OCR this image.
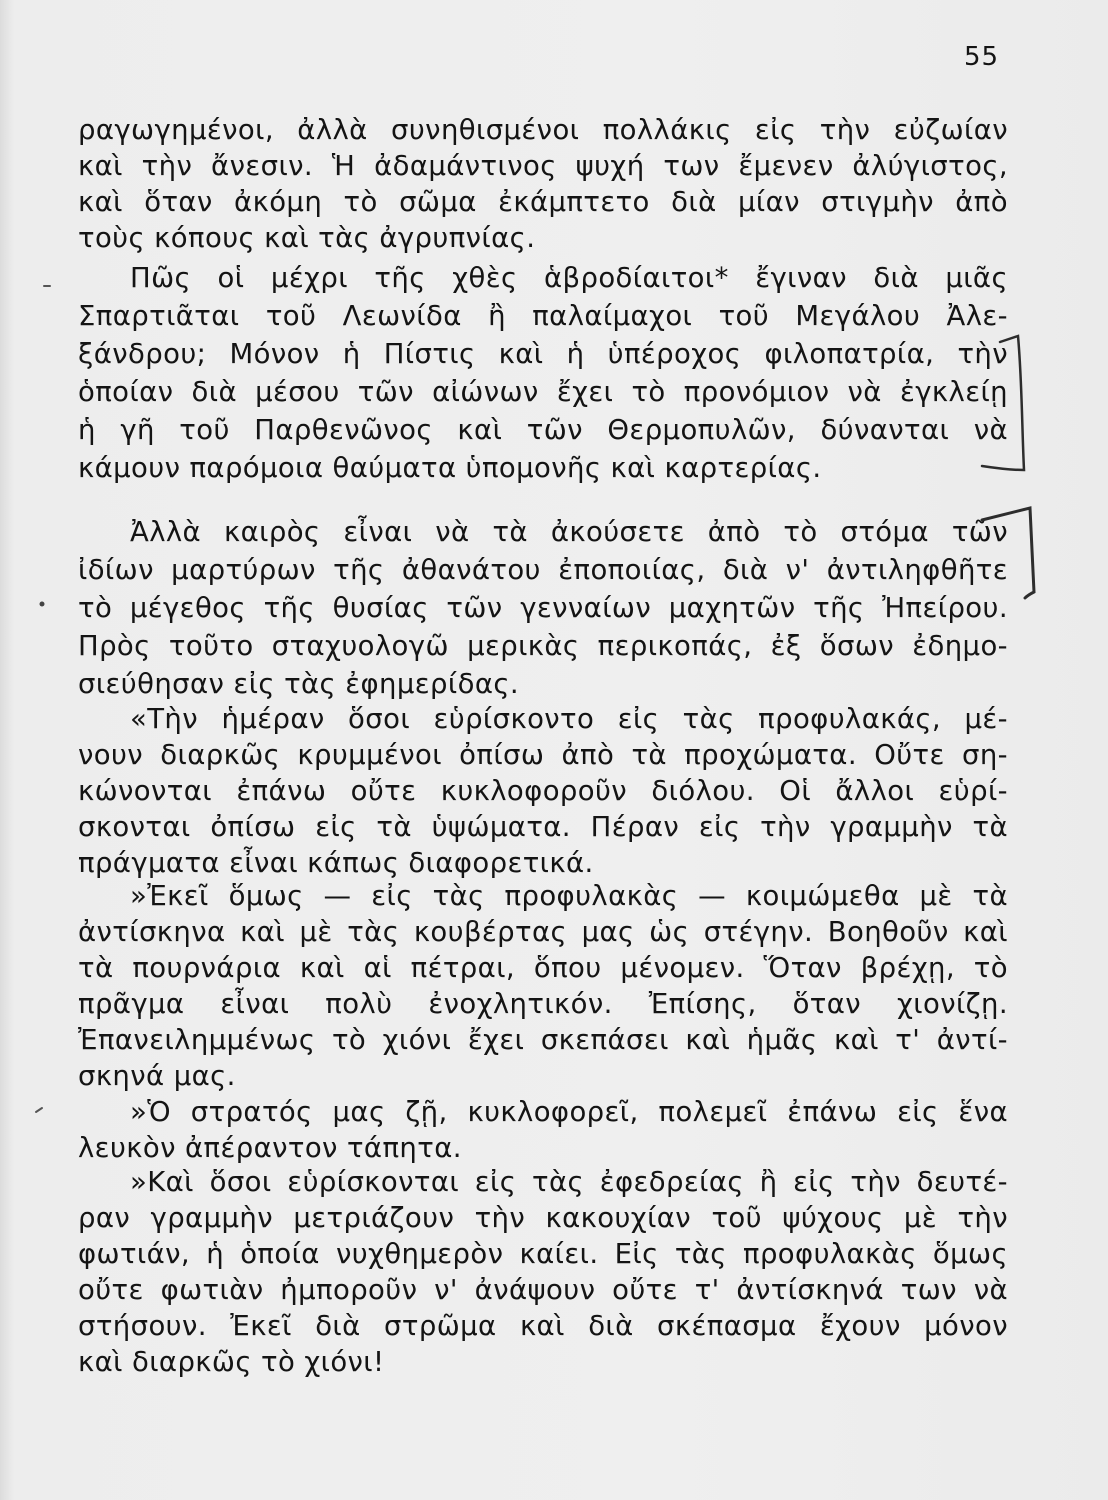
55
ραγωγημένοι, ἀλλὰ συνηθισμένοι πολλάκις εἰς τὴν εὐζωίαν
καὶ τὴν ἄνεσιν. Ἡ ἀδαμάντινος ψυχή των ἔμενεν ἀλύγιστος,
καὶ ὅταν ἀκόμη τὸ σῶμα ἐκάμπτετο διὰ μίαν στιγμὴν ἀπὸ
τοὺς κόπους καὶ τὰς ἀγρυπνίας.
Πῶς οἱ μέχρι τῆς χθὲς ἁβροδίαιτοι* ἔγιναν διὰ μιᾶς
Σπαρτιᾶται τοῦ Λεωνίδα ἢ παλαίμαχοι τοῦ Μεγάλου Ἀλε-
ξάνδρου; Μόνον ἡ Πίστις καὶ ἡ ὑπέροχος φιλοπατρία, τὴν
ὁποίαν διὰ μέσου τῶν αἰώνων ἔχει τὸ προνόμιον νὰ ἐγκλείῃ
ἡ γῆ τοῦ Παρθενῶνος καὶ τῶν Θερμοπυλῶν, δύνανται νὰ
κάμουν παρόμοια θαύματα ὑπομονῆς καὶ καρτερίας.
Ἀλλὰ καιρὸς εἶναι νὰ τὰ ἀκούσετε ἀπὸ τὸ στόμα τῶν
ἰδίων μαρτύρων τῆς ἀθανάτου ἐποποιίας, διὰ ν' ἀντιληφθῆτε
τὸ μέγεθος τῆς θυσίας τῶν γενναίων μαχητῶν τῆς Ἠπείρου.
Πρὸς τοῦτο σταχυολογῶ μερικὰς περικοπάς, ἐξ ὅσων ἐδημο-
σιεύθησαν εἰς τὰς ἐφημερίδας.
«Τὴν ἡμέραν ὅσοι εὑρίσκοντο εἰς τὰς προφυλακάς, μέ-
νουν διαρκῶς κρυμμένοι ὀπίσω ἀπὸ τὰ προχώματα. Οὔτε ση-
κώνονται ἐπάνω οὔτε κυκλοφοροῦν διόλου. Οἱ ἄλλοι εὑρί-
σκονται ὀπίσω εἰς τὰ ὑψώματα. Πέραν εἰς τὴν γραμμὴν τὰ
πράγματα εἶναι κάπως διαφορετικά.
»Ἐκεῖ ὅμως — εἰς τὰς προφυλακὰς — κοιμώμεθα μὲ τὰ
ἀντίσκηνα καὶ μὲ τὰς κουβέρτας μας ὡς στέγην. Βοηθοῦν καὶ
τὰ πουρνάρια καὶ αἱ πέτραι, ὅπου μένομεν. Ὅταν βρέχῃ, τὸ
πρᾶγμα εἶναι πολὺ ἐνοχλητικόν. Ἐπίσης, ὅταν χιονίζῃ.
Ἐπανειλημμένως τὸ χιόνι ἔχει σκεπάσει καὶ ἡμᾶς καὶ τ' ἀντί-
σκηνά μας.
»Ὁ στρατός μας ζῇ, κυκλοφορεῖ, πολεμεῖ ἐπάνω εἰς ἕνα
λευκὸν ἀπέραντον τάπητα.
»Καὶ ὅσοι εὑρίσκονται εἰς τὰς ἐφεδρείας ἢ εἰς τὴν δευτέ-
ραν γραμμὴν μετριάζουν τὴν κακουχίαν τοῦ ψύχους μὲ τὴν
φωτιάν, ἡ ὁποία νυχθημερὸν καίει. Εἰς τὰς προφυλακὰς ὅμως
οὔτε φωτιὰν ἠμποροῦν ν' ἀνάψουν οὔτε τ' ἀντίσκηνά των νὰ
στήσουν. Ἐκεῖ διὰ στρῶμα καὶ διὰ σκέπασμα ἔχουν μόνον
καὶ διαρκῶς τὸ χιόνι!
